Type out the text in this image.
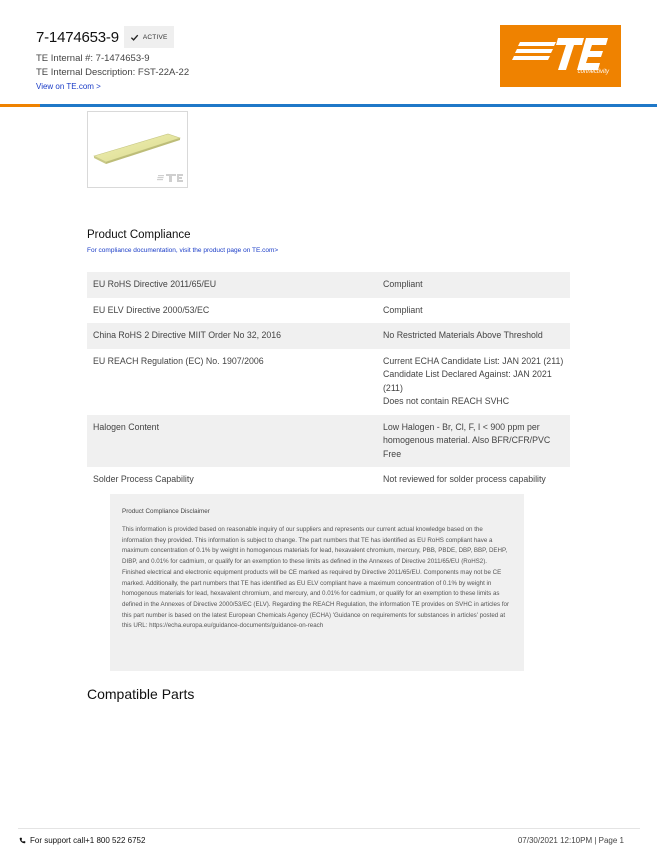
7-1474653-9	ACTIVE
TE Internal #: 7-1474653-9
TE Internal Description: FST-22A-22
View on TE.com >
connectivity
Product Compliance
For compliance documentation, visit the product page on TE.com>
EU RoHS Directive 2011/65/EU	Compliant
EU ELV Directive 2000/53/EC	Compliant
China RoHS 2 Directive MIIT Order No 32, 2016	No Restricted Materials Above Threshold
EU REACH Regulation (EC) No. 1907/2006	Current ECHA Candidate List: JAN 2021 (211)
Candidate List Declared Against: JAN 2021 (211)
Does not contain REACH SVHC
Halogen Content	Low Halogen - Br, Cl, F, I < 900 ppm per homogenous material. Also BFR/CFR/PVC Free
Solder Process Capability	Not reviewed for solder process capability
Product Compliance Disclaimer
This information is provided based on reasonable inquiry of our suppliers and represents our current actual knowledge based on the information they provided. This information is subject to change. The part numbers that TE has identified as EU RoHS compliant have a maximum concentration of 0.1% by weight in homogenous materials for lead, hexavalent chromium, mercury, PBB, PBDE, DBP, BBP, DEHP, DIBP, and 0.01% for cadmium, or qualify for an exemption to these limits as defined in the Annexes of Directive 2011/65/EU (RoHS2). Finished electrical and electronic equipment products will be CE marked as required by Directive 2011/65/EU. Components may not be CE marked. Additionally, the part numbers that TE has identified as EU ELV compliant have a maximum concentration of 0.1% by weight in homogenous materials for lead, hexavalent chromium, and mercury, and 0.01% for cadmium, or qualify for an exemption to these limits as defined in the Annexes of Directive 2000/53/EC (ELV). Regarding the REACH Regulation, the information TE provides on SVHC in articles for this part number is based on the latest European Chemicals Agency (ECHA) 'Guidance on requirements for substances in articles' posted at this URL: https://echa.europa.eu/guidance-documents/guidance-on-reach
Compatible Parts
For support call+1 800 522 6752	07/30/2021 12:10PM | Page 1
